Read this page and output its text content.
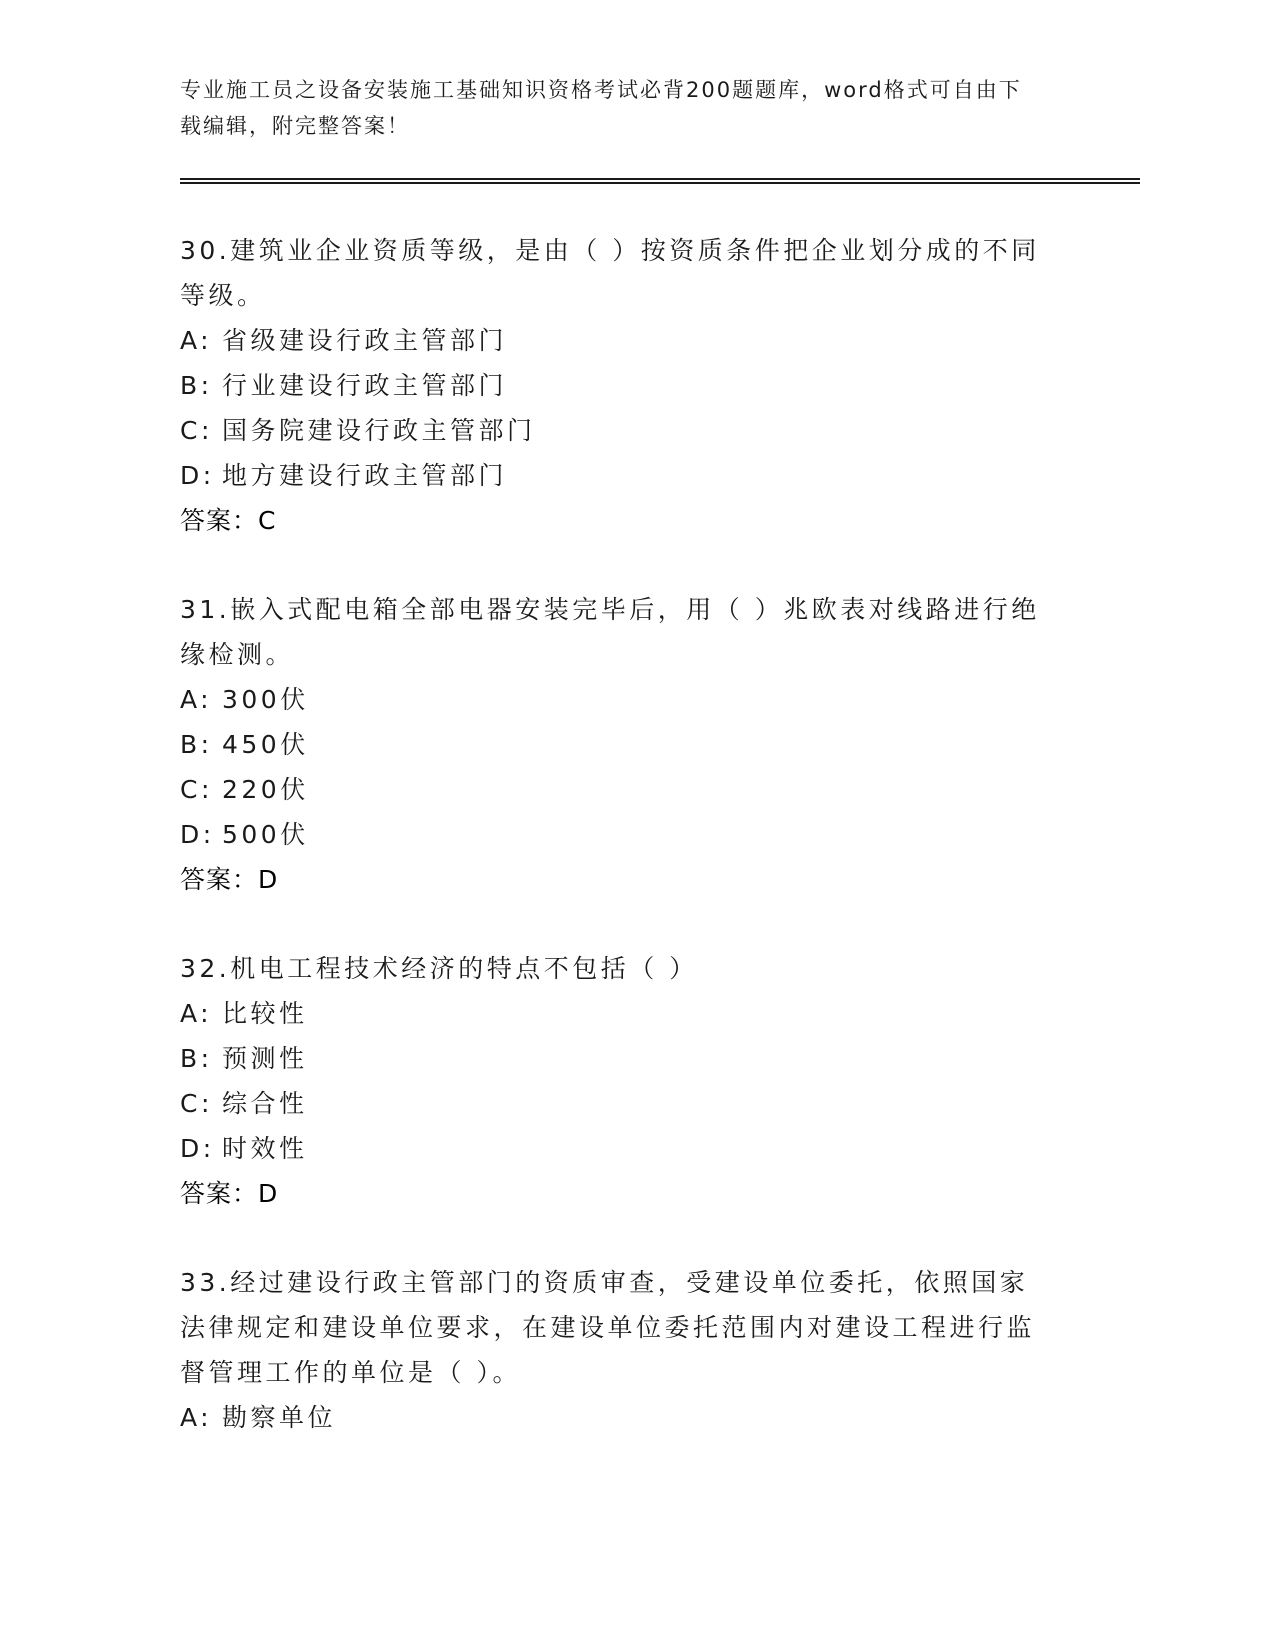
专业施工员之设备安装施工基础知识资格考试必背200题题库，word格式可自由下载编辑，附完整答案！

30.建筑业企业资质等级，是由（ ）按资质条件把企业划分成的不同等级。

A: 省级建设行政主管部门

B: 行业建设行政主管部门

C: 国务院建设行政主管部门

D: 地方建设行政主管部门

答案：C

31.嵌入式配电箱全部电器安装完毕后，用（ ）兆欧表对线路进行绝缘检测。

A: 300伏

B: 450伏

C: 220伏

D: 500伏

答案：D

32.机电工程技术经济的特点不包括（ ）

A: 比较性

B: 预测性

C: 综合性

D: 时效性

答案：D

33.经过建设行政主管部门的资质审查，受建设单位委托，依照国家法律规定和建设单位要求，在建设单位委托范围内对建设工程进行监督管理工作的单位是（ ）。

A: 勘察单位
